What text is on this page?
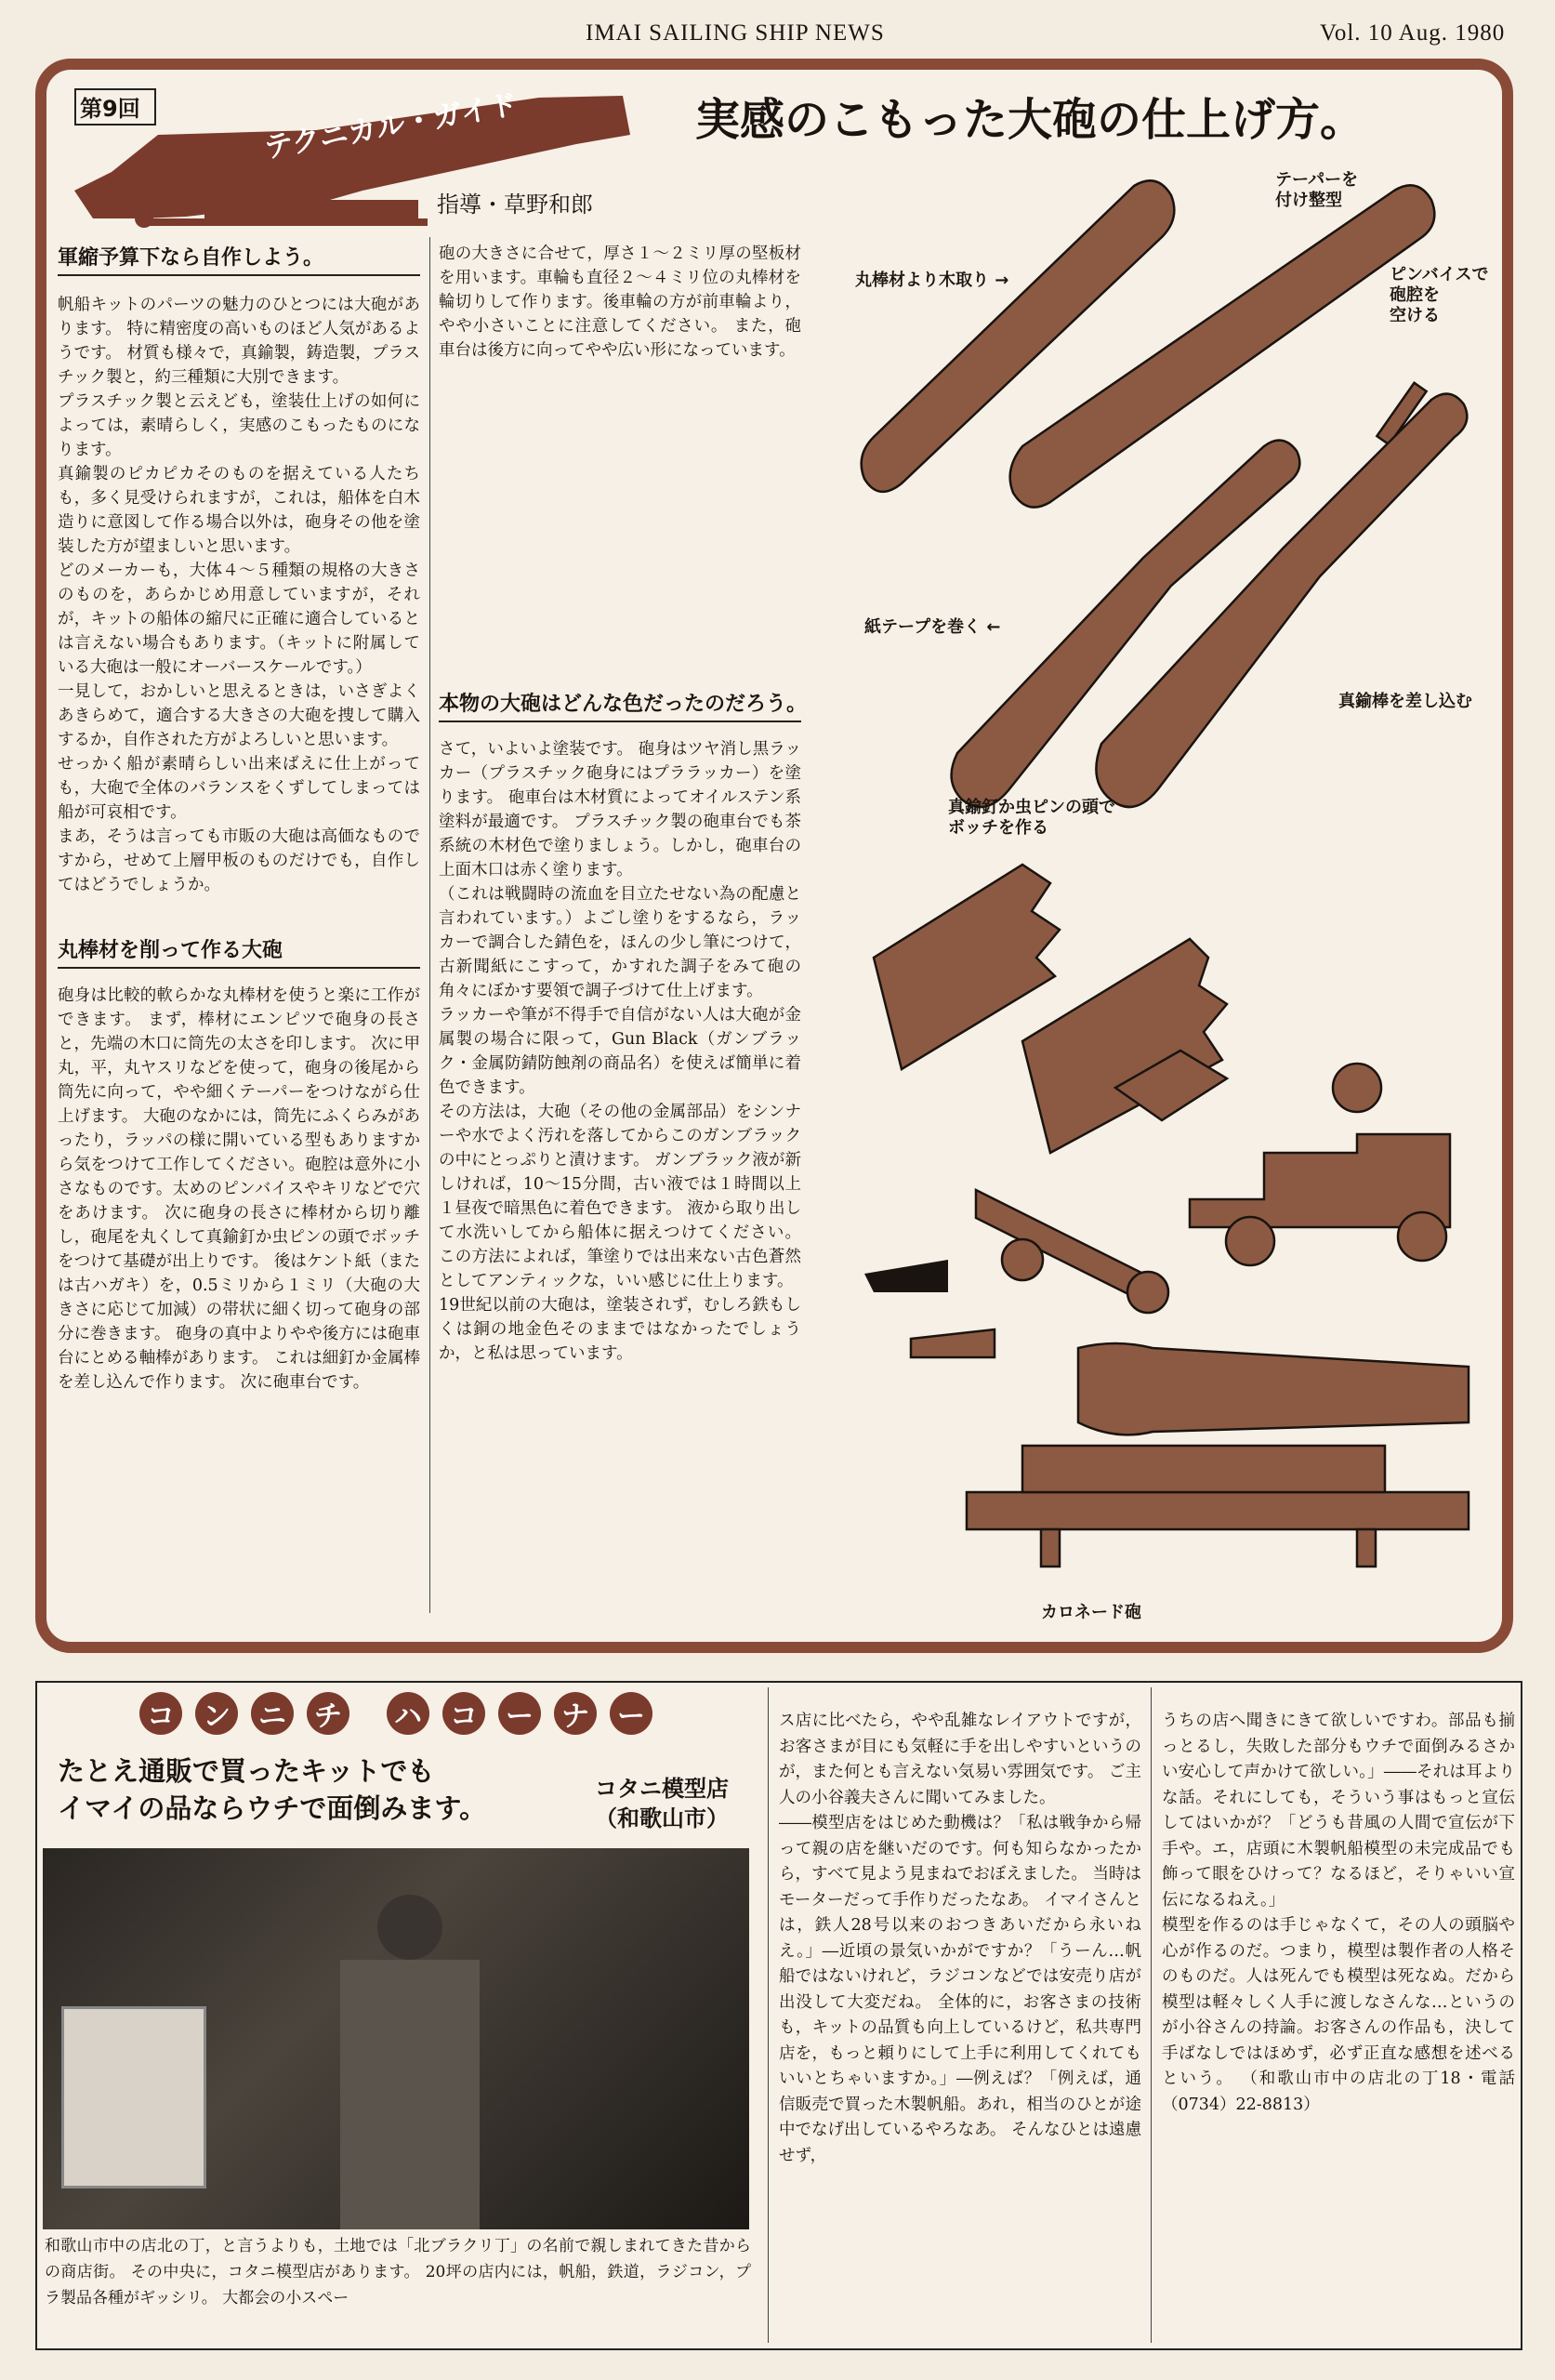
IMAI SAILING SHIP NEWS	Vol. 10 Aug. 1980
第9回	テクニカル・ガイド	実感のこもった大砲の仕上げ方。
指導・草野和郎
軍縮予算下なら自作しよう。

帆船キットのパーツの魅力のひとつには大砲があります。 特に精密度の高いものほど人気があるようです。 材質も様々で，真鍮製，鋳造製，プラスチック製と，約三種類に大別できます。

プラスチック製と云えども，塗装仕上げの如何によっては，素晴らしく，実感のこもったものになります。

真鍮製のピカピカそのものを据えている人たちも，多く見受けられますが，これは，船体を白木造りに意図して作る場合以外は，砲身その他を塗装した方が望ましいと思います。

どのメーカーも，大体４～５種類の規格の大きさのものを，あらかじめ用意していますが，それが，キットの船体の縮尺に正確に適合しているとは言えない場合もあります。（キットに附属している大砲は一般にオーバースケールです。）

一見して，おかしいと思えるときは，いさぎよくあきらめて，適合する大きさの大砲を捜して購入するか，自作された方がよろしいと思います。

せっかく船が素晴らしい出来ばえに仕上がっても，大砲で全体のバランスをくずしてしまっては船が可哀相です。

まあ，そうは言っても市販の大砲は高価なものですから，せめて上層甲板のものだけでも，自作してはどうでしょうか。

丸棒材を削って作る大砲

砲身は比較的軟らかな丸棒材を使うと楽に工作ができます。 まず，棒材にエンピツで砲身の長さと，先端の木口に筒先の太さを印します。 次に甲丸，平，丸ヤスリなどを使って，砲身の後尾から筒先に向って，やや細くテーパーをつけながら仕上げます。 大砲のなかには，筒先にふくらみがあったり，ラッパの様に開いている型もありますから気をつけて工作してください。砲腔は意外に小さなものです。太めのピンバイスやキリなどで穴をあけます。 次に砲身の長さに棒材から切り離し，砲尾を丸くして真鍮釘か虫ピンの頭でボッチをつけて基礎が出上りです。 後はケント紙（または古ハガキ）を，0.5ミリから１ミリ（大砲の大きさに応じて加減）の帯状に細く切って砲身の部分に巻きます。 砲身の真中よりやや後方には砲車台にとめる軸棒があります。 これは細釘か金属棒を差し込んで作ります。 次に砲車台です。

砲の大きさに合せて，厚さ１～２ミリ厚の堅板材を用います。車輪も直径２～４ミリ位の丸棒材を輪切りして作ります。後車輪の方が前車輪より，やや小さいことに注意してください。 また，砲車台は後方に向ってやや広い形になっています。

本物の大砲はどんな色だったのだろう。

さて，いよいよ塗装です。 砲身はツヤ消し黒ラッカー（プラスチック砲身にはプララッカー）を塗ります。 砲車台は木材質によってオイルステン系塗料が最適です。 プラスチック製の砲車台でも茶系統の木材色で塗りましょう。しかし，砲車台の上面木口は赤く塗ります。

（これは戦闘時の流血を目立たせない為の配慮と言われています。）よごし塗りをするなら，ラッカーで調合した錆色を，ほんの少し筆につけて，古新聞紙にこすって，かすれた調子をみて砲の角々にぼかす要領で調子づけて仕上げます。

ラッカーや筆が不得手で自信がない人は大砲が金属製の場合に限って，Gun Black（ガンブラック・金属防錆防蝕剤の商品名）を使えば簡単に着色できます。

その方法は，大砲（その他の金属部品）をシンナーや水でよく汚れを落してからこのガンブラックの中にとっぷりと漬けます。 ガンブラック液が新しければ，10～15分間，古い液では１時間以上１昼夜で暗黒色に着色できます。 液から取り出して水洗いしてから船体に据えつけてください。 この方法によれば，筆塗りでは出来ない古色蒼然としてアンティックな，いい感じに仕上ります。

19世紀以前の大砲は，塗装されず，むしろ鉄もしくは銅の地金色そのままではなかったでしょうか，と私は思っています。

テーパーを
付け整型
丸棒材より木取り →	ピンバイスで
砲腔を
空ける
紙テープを巻く ←
真鍮棒を差し込む
真鍮釘か虫ピンの頭で
ボッチを作る
カロネード砲
コ ン ニ チ ハ コ ー ナ ー
たとえ通販で買ったキットでも
イマイの品ならウチで面倒みます。
コタニ模型店
（和歌山市）
和歌山市中の店北の丁，と言うよりも，土地では「北ブラクリ丁」の名前で親しまれてきた昔からの商店街。 その中央に，コタニ模型店があります。 20坪の店内には，帆船，鉄道，ラジコン，プラ製品各種がギッシリ。 大都会の小スペー
ス店に比べたら，やや乱雑なレイアウトですが，お客さまが目にも気軽に手を出しやすいというのが，また何とも言えない気易い雰囲気です。 ご主人の小谷義夫さんに聞いてみました。
――模型店をはじめた動機は？「私は戦争から帰って親の店を継いだのです。何も知らなかったから，すべて見よう見まねでおぼえました。 当時はモーターだって手作りだったなあ。 イマイさんとは，鉄人28号以来のおつきあいだから永いねえ。」―近頃の景気いかがですか？「うーん…帆船ではないけれど，ラジコンなどでは安売り店が出没して大変だね。 全体的に，お客さまの技術も，キットの品質も向上しているけど，私共専門店を，もっと頼りにして上手に利用してくれてもいいとちゃいますか。」―例えば？「例えば，通信販売で買った木製帆船。あれ，相当のひとが途中でなげ出しているやろなあ。 そんなひとは遠慮せず，
うちの店へ聞きにきて欲しいですわ。部品も揃っとるし，失敗した部分もウチで面倒みるさかい安心して声かけて欲しい。」――それは耳よりな話。それにしても，そういう事はもっと宣伝してはいかが？「どうも昔風の人間で宣伝が下手や。エ，店頭に木製帆船模型の未完成品でも飾って眼をひけって？なるほど，そりゃいい宣伝になるねえ。」
模型を作るのは手じゃなくて，その人の頭脳や心が作るのだ。つまり，模型は製作者の人格そのものだ。人は死んでも模型は死なぬ。だから模型は軽々しく人手に渡しなさんな…というのが小谷さんの持論。お客さんの作品も，決して手ばなしではほめず，必ず正直な感想を述べるという。 （和歌山市中の店北の丁18・電話（0734）22-8813）
